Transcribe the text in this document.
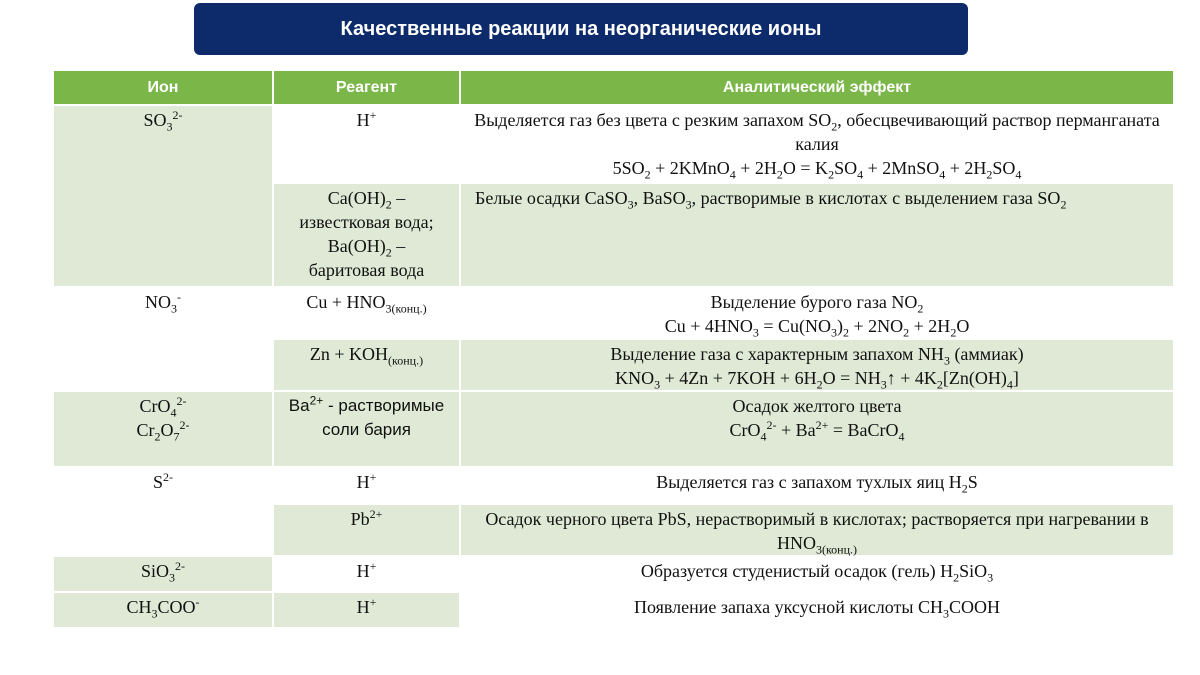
Качественные реакции на неорганические ионы
Ион	Реагент	Аналитический эффект
$SO_3^{2-}$	H+	Выделяется газ без цвета с резким запахом $SO_2$, обесцвечивающий раствор перманганата калия
$5SO_2$ + 2KMnO$_4$ + $2H_2O = K_2SO_4$ + 2MnSO$_4$ + $2H_2SO_4$

	$Ca(OH)_2$ –
известковая вода;
$Ba(OH)_2$ –
баритовая вода	Белые осадки CaSO$_3$, BaSO$_3$, растворимые в кислотах с выделением газа $SO_2$
$NO_3^-$	$Cu + HNO_{3(конц.)}$	Выделение бурого газа $NO_2$
$Cu + 4HNO_3 = Cu(NO_3)_2 + 2NO_2 + 2H_2O$

	$Zn + KOH_{(конц.)}$	Выделение газа с характерным запахом $NH_3$ (аммиак)
$KNO_3 + 4Zn + 7KOH + 6H_2O$ = $NH_3↑ + 4K_2[Zn(OH)_4]$

CrO$_4^{2-}$
$Cr_2O_7^{2-}$	$Ba^{2+}$ - растворимые соли бария	Осадок желтого цвета
$CrO_4^{2-} + Ba^{2+}$ = BaCrO$_4$

$S^{2-}$	H+	Выделяется газ с запахом тухлых яиц $H_2S$
	$Pb^{2+}$	Осадок черного цвета PbS, нерастворимый в кислотах; растворяется при нагревании в $HNO_{3(конц.)}$
SiO$_3^{2-}$	H+	Образуется студенистый осадок (гель) $H_2SiO_3$
$CH_3COO^-$	H+	Появление запаха уксусной кислоты $CH_3COOH$
